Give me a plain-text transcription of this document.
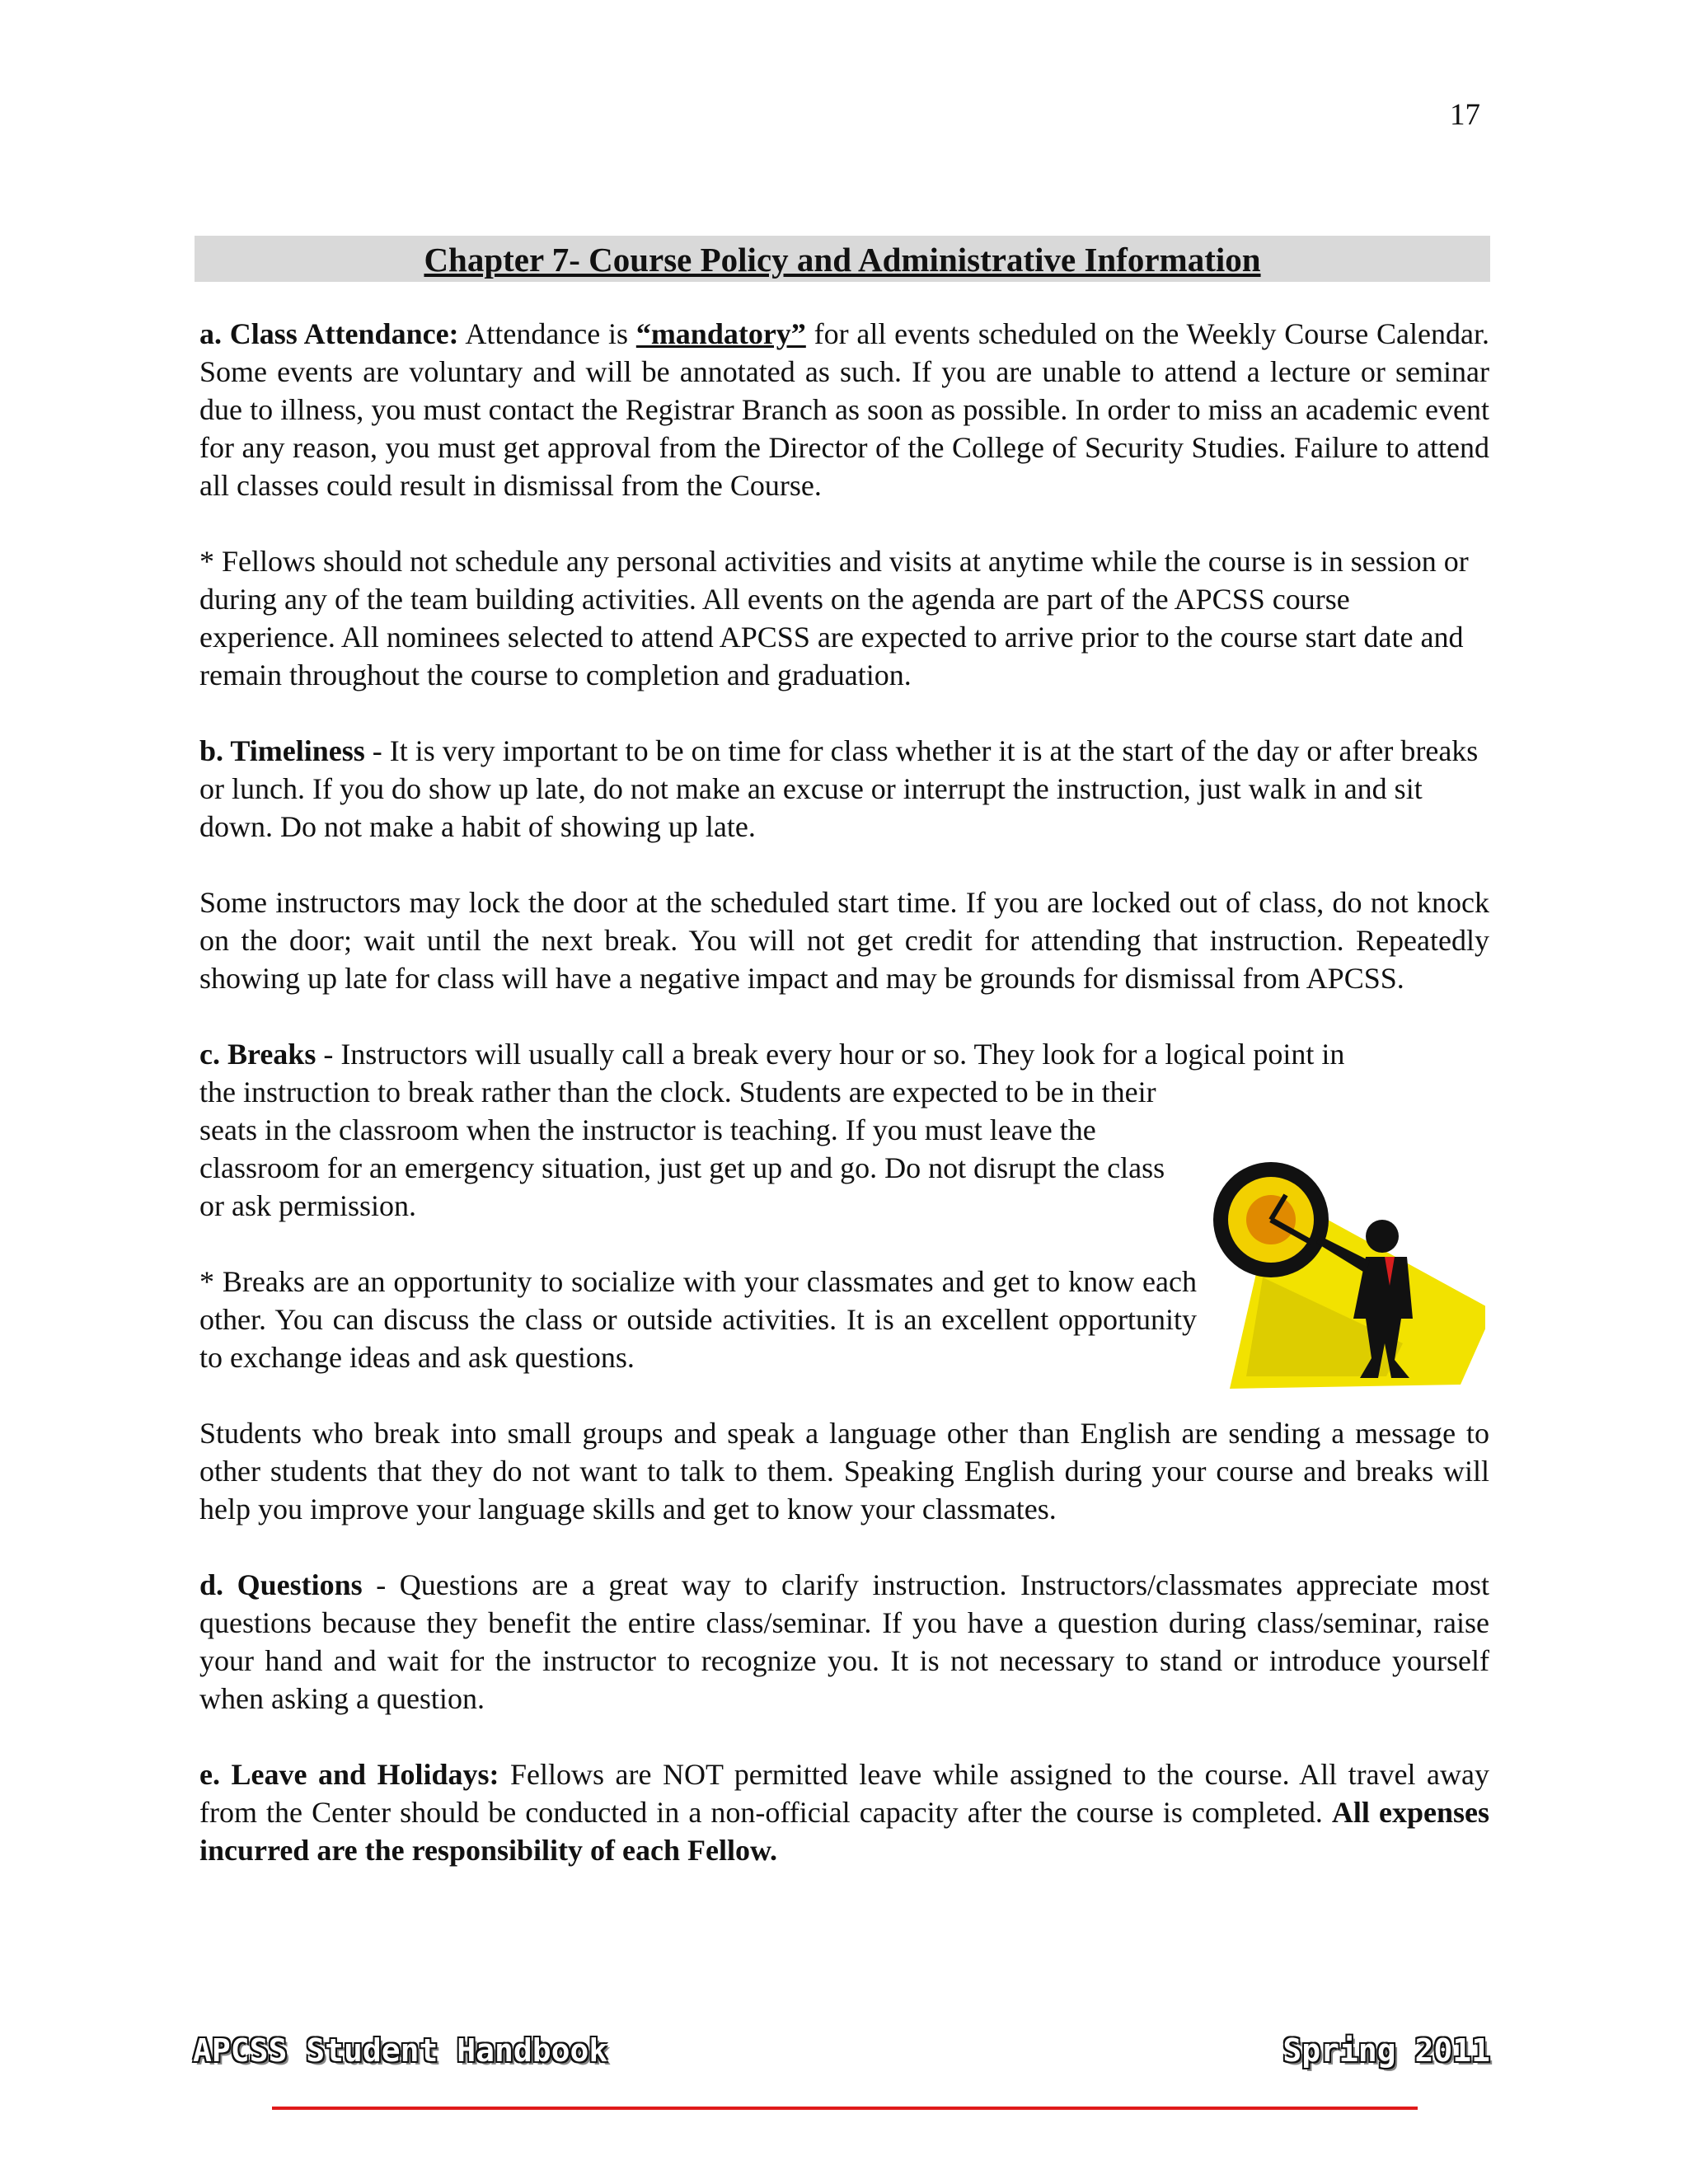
17
Chapter 7- Course Policy and Administrative Information

a. Class Attendance: Attendance is “mandatory” for all events scheduled on the Weekly Course Calendar. Some events are voluntary and will be annotated as such. If you are unable to attend a lecture or seminar due to illness, you must contact the Registrar Branch as soon as possible. In order to miss an academic event for any reason, you must get approval from the Director of the College of Security Studies. Failure to attend all classes could result in dismissal from the Course.

* Fellows should not schedule any personal activities and visits at anytime while the course is in session or during any of the team building activities. All events on the agenda are part of the APCSS course experience. All nominees selected to attend APCSS are expected to arrive prior to the course start date and remain throughout the course to completion and graduation.

b. Timeliness - It is very important to be on time for class whether it is at the start of the day or after breaks or lunch. If you do show up late, do not make an excuse or interrupt the instruction, just walk in and sit down. Do not make a habit of showing up late.

Some instructors may lock the door at the scheduled start time. If you are locked out of class, do not knock on the door; wait until the next break. You will not get credit for attending that instruction. Repeatedly showing up late for class will have a negative impact and may be grounds for dismissal from APCSS.

c. Breaks - Instructors will usually call a break every hour or so. They look for a logical point in
the instruction to break rather than the clock. Students are expected to be in their seats in the classroom when the instructor is teaching. If you must leave the classroom for an emergency situation, just get up and go. Do not disrupt the class or ask permission.

* Breaks are an opportunity to socialize with your classmates and get to know each other. You can discuss the class or outside activities. It is an excellent opportunity to exchange ideas and ask questions.

Students who break into small groups and speak a language other than English are sending a message to other students that they do not want to talk to them. Speaking English during your course and breaks will help you improve your language skills and get to know your classmates.

d. Questions - Questions are a great way to clarify instruction. Instructors/classmates appreciate most questions because they benefit the entire class/seminar. If you have a question during class/seminar, raise your hand and wait for the instructor to recognize you. It is not necessary to stand or introduce yourself when asking a question.

e. Leave and Holidays: Fellows are NOT permitted leave while assigned to the course. All travel away from the Center should be conducted in a non-official capacity after the course is completed. All expenses incurred are the responsibility of each Fellow.

APCSS Student Handbook	Spring 2011
